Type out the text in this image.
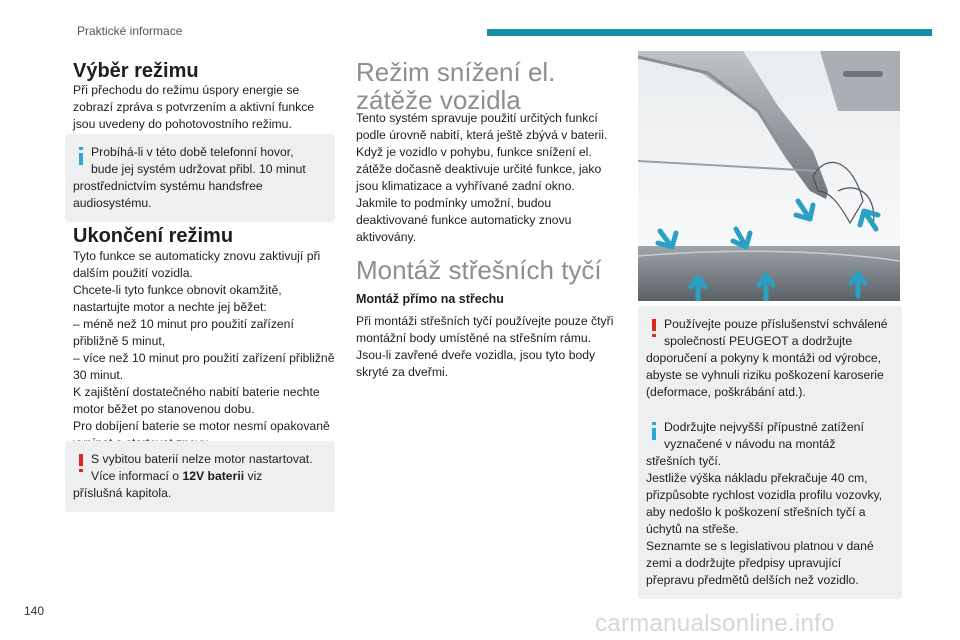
Praktické informace
Výběr režimu

Při přechodu do režimu úspory energie se zobrazí zpráva s potvrzením a aktivní funkce jsou uvedeny do pohotovostního režimu.

Probíhá-li v této době telefonní hovor, bude jej systém udržovat přibl. 10 minut
prostřednictvím systému handsfree audiosystému.
Ukončení režimu

Tyto funkce se automaticky znovu zaktivují při dalším použití vozidla.
Chcete-li tyto funkce obnovit okamžitě, nastartujte motor a nechte jej běžet:
– méně než 10 minut pro použití zařízení přibližně 5 minut,
– více než 10 minut pro použití zařízení přibližně 30 minut.
K zajištění dostatečného nabití baterie nechte motor běžet po stanovenou dobu.
Pro dobíjení baterie se motor nesmí opakovaně

S vybitou baterií nelze motor nastartovat. Více informací o 12V baterii viz
příslušná kapitola.
Režim snížení el. zátěže vozidla

Tento systém spravuje použití určitých funkcí podle úrovně nabití, která ještě zbývá v baterii.
Když je vozidlo v pohybu, funkce snížení el. zátěže dočasně deaktivuje určité funkce, jako jsou klimatizace a vyhřívané zadní okno.
Jakmile to podmínky umožní, budou deaktivované funkce automaticky znovu aktivovány.

Montáž střešních tyčí
Montáž přímo na střechu

Při montáži střešních tyčí používejte pouze čtyři montážní body umístěné na střešním rámu. Jsou-li zavřené dveře vozidla, jsou tyto body skryté za dveřmi.

Používejte pouze příslušenství schválené společností PEUGEOT a dodržujte
doporučení a pokyny k montáži od výrobce, abyste se vyhnuli riziku poškození karoserie (deformace, poškrábání atd.).
Dodržujte nejvyšší přípustné zatížení vyznačené v návodu na montáž
střešních tyčí.
Jestliže výška nákladu překračuje 40 cm, přizpůsobte rychlost vozidla profilu vozovky, aby nedošlo k poškození střešních tyčí a úchytů na střeše.
Seznamte se s legislativou platnou v dané zemi a dodržujte předpisy upravující přepravu předmětů delších než vozidlo.
140	carmanualsonline.info
